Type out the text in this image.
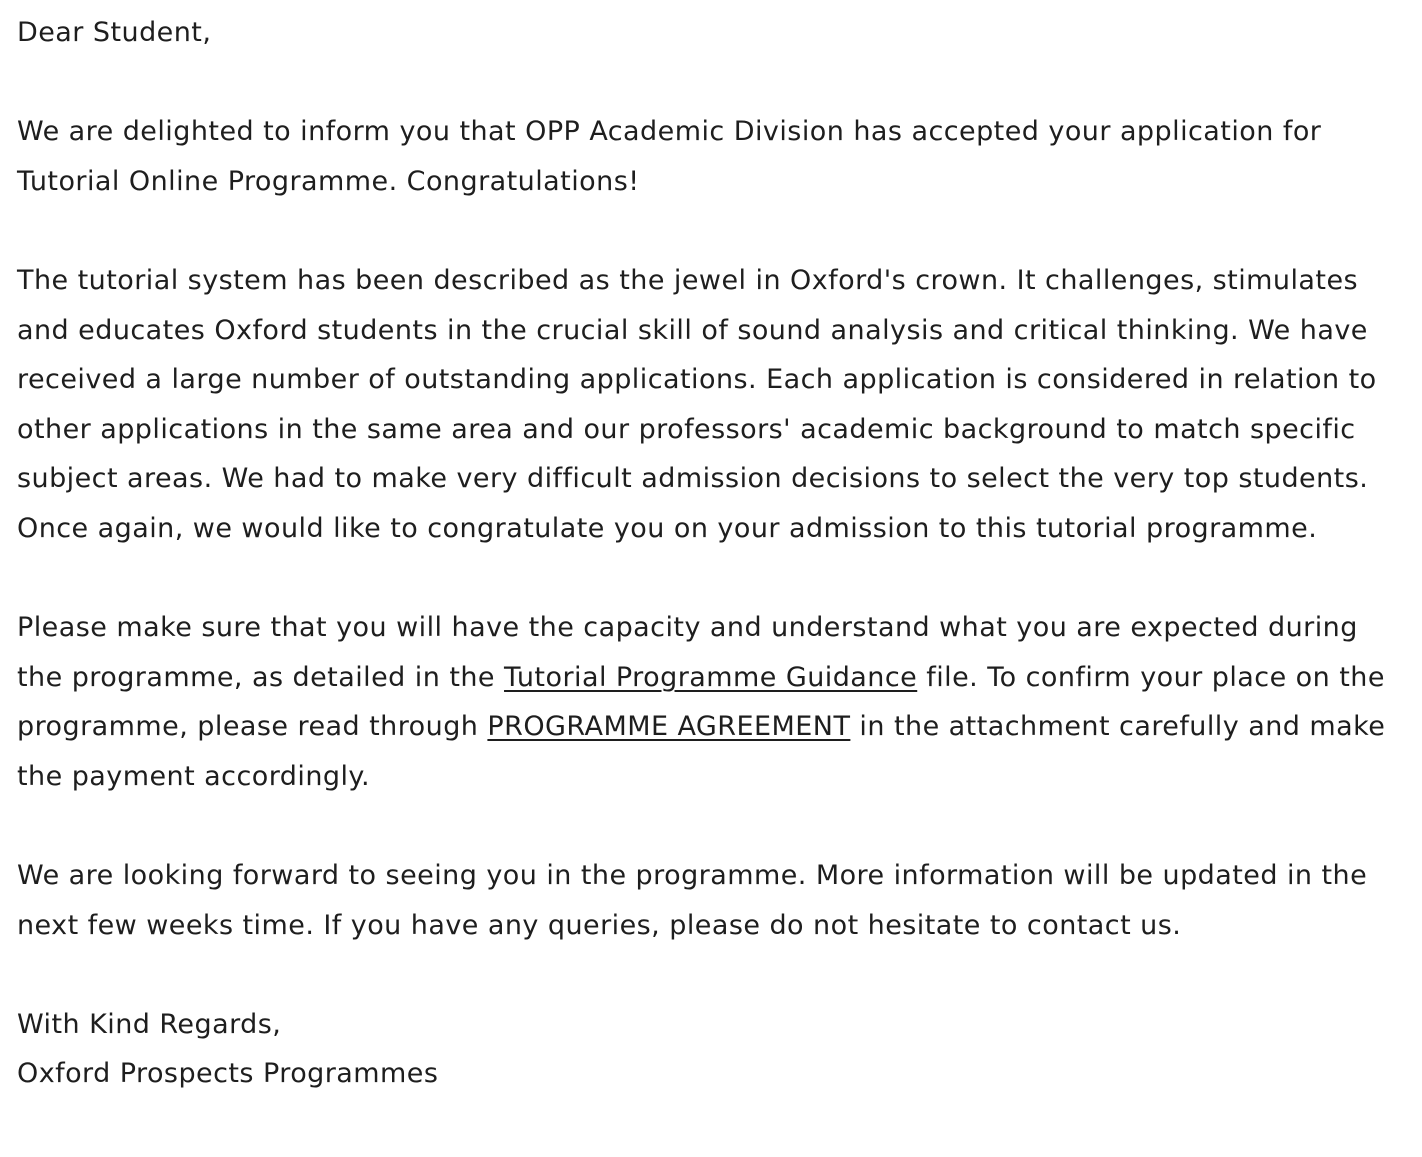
Dear Student,

We are delighted to inform you that OPP Academic Division has accepted your application for Tutorial Online Programme. Congratulations!

The tutorial system has been described as the jewel in Oxford's crown. It challenges, stimulates and educates Oxford students in the crucial skill of sound analysis and critical thinking. We have received a large number of outstanding applications. Each application is considered in relation to other applications in the same area and our professors' academic background to match specific subject areas. We had to make very difficult admission decisions to select the very top students. Once again, we would like to congratulate you on your admission to this tutorial programme.

Please make sure that you will have the capacity and understand what you are expected during the programme, as detailed in the Tutorial Programme Guidance file. To confirm your place on the programme, please read through PROGRAMME AGREEMENT in the attachment carefully and make the payment accordingly.

We are looking forward to seeing you in the programme. More information will be updated in the next few weeks time. If you have any queries, please do not hesitate to contact us.

With Kind Regards,

Oxford Prospects Programmes
